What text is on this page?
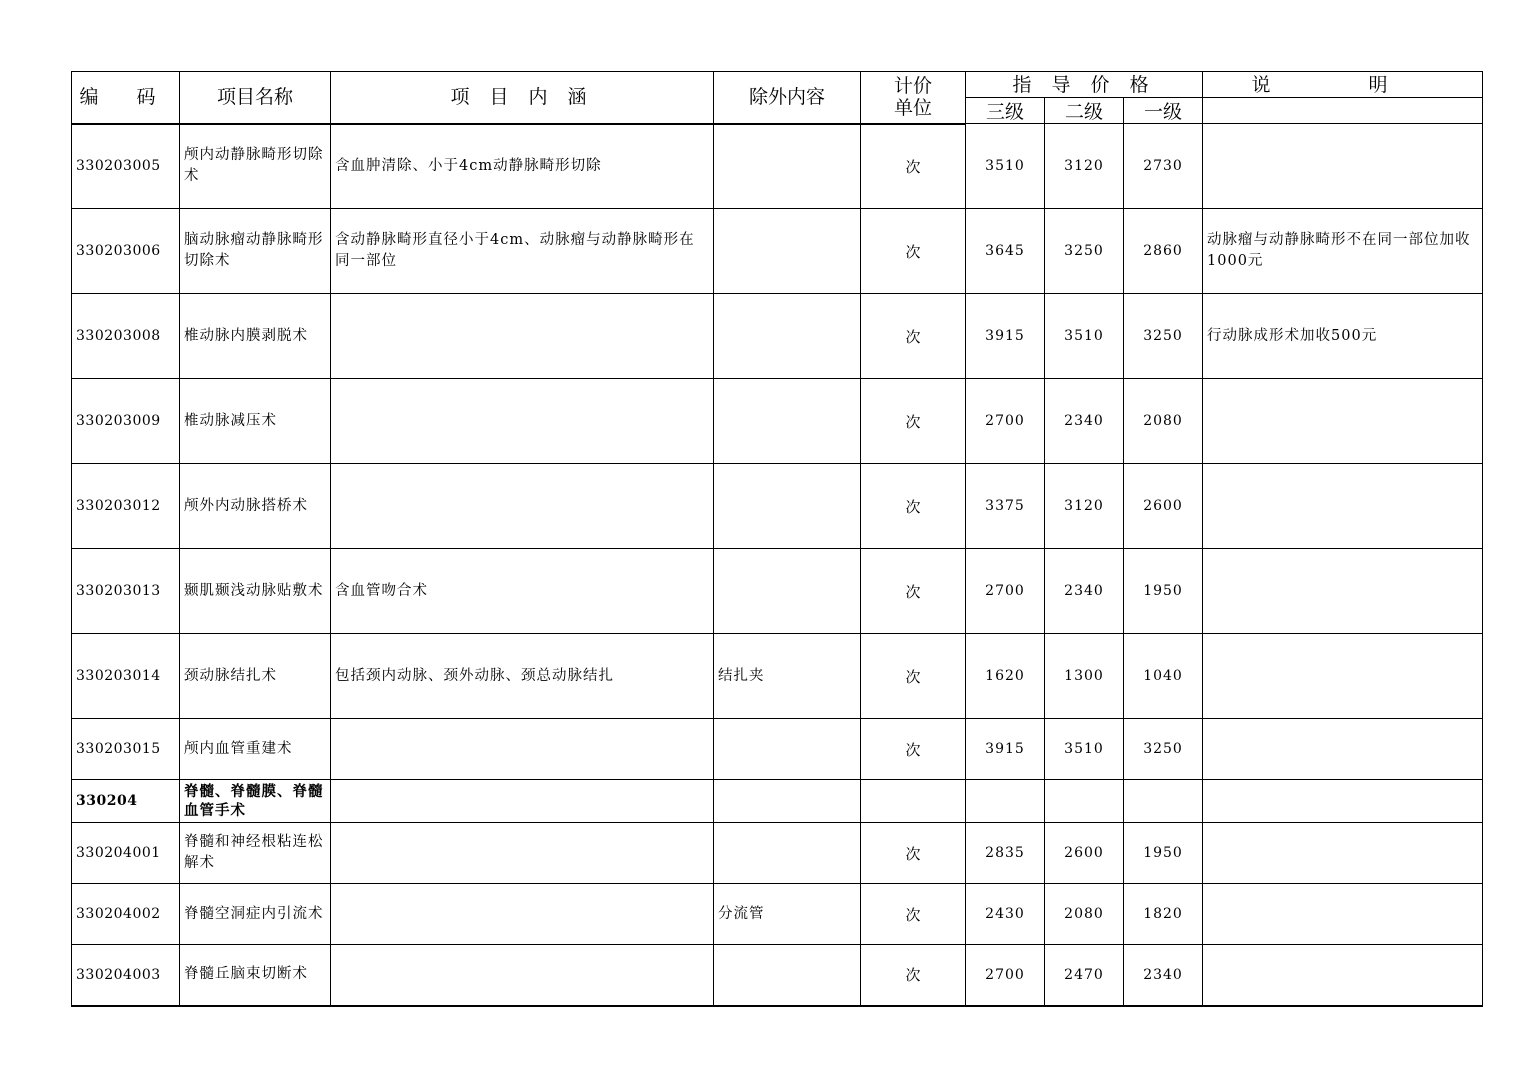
编 码	项目名称	项 目 内 涵	除外内容	计价
单位	指 导 价 格			说 明
					三级	二级	一级	
330203005	颅内动静脉畸形切除术	含血肿清除、小于4cm动静脉畸形切除		次	3510	3120	2730	
330203006	脑动脉瘤动静脉畸形切除术	含动静脉畸形直径小于4cm、动脉瘤与动静脉畸形在同一部位		次	3645	3250	2860	动脉瘤与动静脉畸形不在同一部位加收1000元
330203008	椎动脉内膜剥脱术			次	3915	3510	3250	行动脉成形术加收500元
330203009	椎动脉减压术			次	2700	2340	2080	
330203012	颅外内动脉搭桥术			次	3375	3120	2600	
330203013	颞肌颞浅动脉贴敷术	含血管吻合术		次	2700	2340	1950	
330203014	颈动脉结扎术	包括颈内动脉、颈外动脉、颈总动脉结扎	结扎夹	次	1620	1300	1040	
330203015	颅内血管重建术			次	3915	3510	3250	
330204	脊髓、脊髓膜、脊髓血管手术							
330204001	脊髓和神经根粘连松解术			次	2835	2600	1950	
330204002	脊髓空洞症内引流术		分流管	次	2430	2080	1820	
330204003	脊髓丘脑束切断术			次	2700	2470	2340	
